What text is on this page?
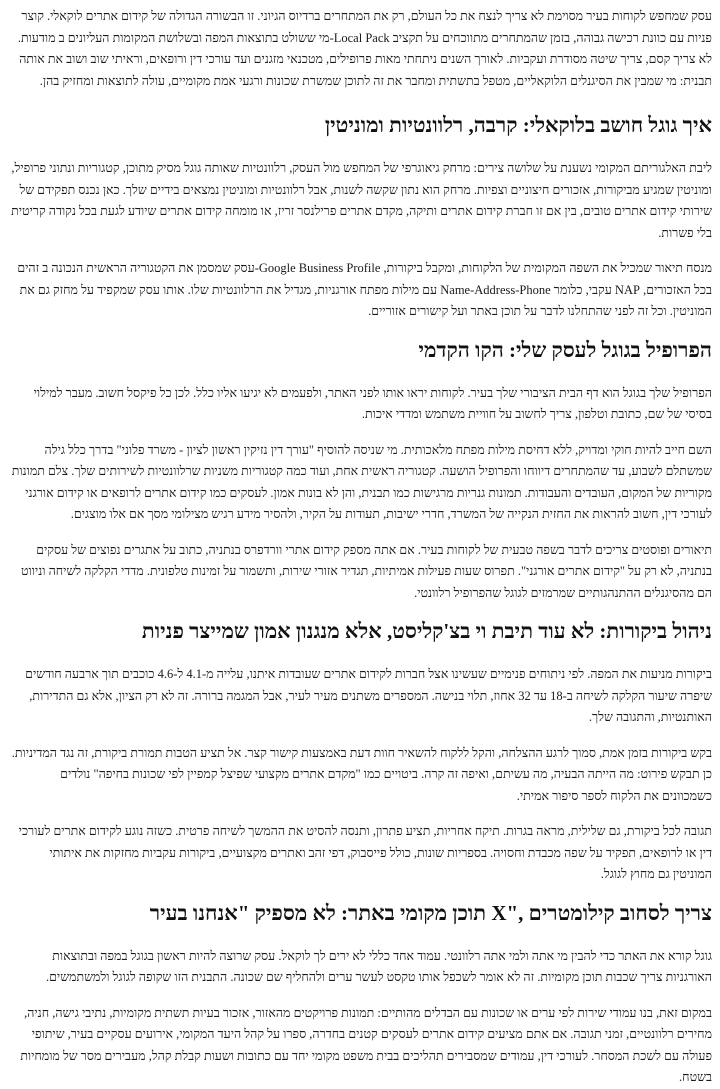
עסק שמחפש לקוחות בעיר מסוימת לא צריך לנצח את כל העולם, רק את המתחרים ברדיוס הגיוני. זו הבשורה הגדולה של קידום אתרים לוקאלי. קוצר פניות עם כוונת רכישה גבוהה, בזמן שהמתחרים מתווכחים על תקציב Local Pack-מי ששולט בתוצאות המפה ובשלושת המקומות העליונים ב מודעות. לא צריך קסם, צריך שיטה מסודרת ועקביות. לאורך השנים ניתחתי מאות פרופילים, מטכנאי מזגנים ועד עורכי דין ורופאים, וראיתי שוב ושוב את אותה תבנית: מי שמבין את הסיגנלים הלוקאליים, מטפל בתשתית ומחבר את זה לתוכן שמשרת שכונות ורגעי אמת מקומיים, עולה לתוצאות ומחזיק בהן.

איך גוגל חושב בלוקאלי: קרבה, רלוונטיות ומוניטין

ליבת האלגוריתם המקומי נשענת על שלושה צירים: מרחק גיאוגרפי של המחפש מול העסק, רלוונטיות שאותה גוגל מסיק מתוכן, קטגוריות ונתוני פרופיל, ומוניטין שמגיע מביקורות, אזכורים חיצוניים וצפיות. מרחק הוא נתון שקשה לשנות, אבל רלוונטיות ומוניטין נמצאים בידיים שלך. כאן נכנס תפקידם של שירותי קידום אתרים טובים, בין אם זו חברת קידום אתרים ותיקה, מקדם אתרים פרילנסר זריז, או מומחה קידום אתרים שיודע לגעת בכל נקודה קריטית בלי פשרות.

מנסח תיאור שמכיל את השפה המקומית של הלקוחות, ומקבל ביקורות, Google Business Profile-עסק שמסמן את הקטגוריה הראשית הנכונה ב זהים בכל האזכורים, NAP עקבי, כלומר Name-Address-Phone עם מילות מפתח אורגניות, מגדיל את הרלוונטיות שלו. אותו עסק שמקפיד על מחזק גם את המוניטין. וכל זה לפני שהתחלנו לדבר על תוכן באתר ועל קישורים אזוריים.

הפרופיל בגוגל לעסק שלי: הקו הקדמי

הפרופיל שלך בגוגל הוא דף הבית הציבורי שלך בעיר. לקוחות יראו אותו לפני האתר, ולפעמים לא יגיעו אליו כלל. לכן כל פיקסל חשוב. מעבר למילוי בסיסי של שם, כתובת וטלפון, צריך לחשוב על חוויית משתמש ומדדי איכות.

השם חייב להיות חוקי ומדויק, ללא דחיסת מילות מפתח מלאכותית. מי שניסה להוסיף "עורך דין נזיקין ראשון לציון - משרד פלוני" בדרך כלל גילה שמשתלם לשבוע, עד שהמתחרים דיווחו והפרופיל הושעה. קטגוריה ראשית אחת, ועוד כמה קטגוריות משניות שרלוונטיות לשירותים שלך. צלם תמונות מקוריות של המקום, העובדים והעבודות. תמונות גנריות מרגישות כמו תבנית, והן לא בונות אמון. לעסקים כמו קידום אתרים לרופאים או קידום אורגני לעורכי דין, חשוב להראות את החזית הנקייה של המשרד, חדרי ישיבות, תעודות על הקיר, ולהסיר מידע רגיש מצילומי מסך אם אלו מוצגים.

תיאורים ופוסטים צריכים לדבר בשפה טבעית של לקוחות בעיר. אם אתה מספק קידום אתרי וורדפרס בנתניה, כתוב על אתגרים נפוצים של עסקים בנתניה, לא רק על "קידום אתרים אורגני". תפרוס שעות פעילות אמיתיות, תגדיר אזורי שירות, ותשמור על זמינות טלפונית. מדדי הקלקה לשיחה וניווט הם מהסיגנלים ההתנהגותיים שמרמזים לגוגל שהפרופיל רלוונטי.

ניהול ביקורות: לא עוד תיבת וי בצ'קליסט, אלא מנגנון אמון שמייצר פניות

ביקורות מניעות את המפה. לפי ניתוחים פנימיים שעשינו אצל חברות לקידום אתרים שעובדות איתנו, עלייה מ-4.1 ל-4.6 כוכבים תוך ארבעה חודשים שיפרה שיעור הקלקה לשיחה ב-18 עד 32 אחוז, תלוי בנישה. המספרים משתנים מעיר לעיר, אבל המגמה ברורה. זה לא רק הציון, אלא גם התדירות, האותנטיות, והתגובה שלך.

בקש ביקורות בזמן אמת, סמוך לרגע ההצלחה, והקל ללקוח להשאיר חוות דעת באמצעות קישור קצר. אל תציע הטבות תמורת ביקורת, זה נגד המדיניות. כן תבקש פירוט: מה הייתה הבעיה, מה עשיתם, ואיפה זה קרה. ביטויים כמו "מקדם אתרים מקצועי שפיצל קמפיין לפי שכונות בחיפה" נולדים כשמכוונים את הלקוח לספר סיפור אמיתי.

תגובה לכל ביקורת, גם שלילית, מראה בגרות. תיקח אחריות, תציע פתרון, ותנסה להסיט את ההמשך לשיחה פרטית. כשזה נוגע לקידום אתרים לעורכי דין או לרופאים, תפקיד על שפה מכבדת וחסויה. בספריות שונות, כולל פייסבוק, דפי זהב ואתרים מקצועיים, ביקורות עקביות מחזקות את איתותי המוניטין גם מחוץ לגוגל.

צריך לסחוב קילומטרים ,"X תוכן מקומי באתר: לא מספיק "אנחנו בעיר

גוגל קורא את האתר כדי להבין מי אתה ולמי אתה רלוונטי. עמוד אחד כללי לא ירים לך לוקאל. עסק שרוצה להיות ראשון בגוגל במפה ובתוצאות האורגניות צריך שכבות תוכן מקומיות. זה לא אומר לשכפל אותו טקסט לעשר ערים ולהחליף שם שכונה. התבנית הזו שקופה לגוגל ולמשתמשים.

במקום זאת, בנו עמודי שירות לפי ערים או שכונות עם הבדלים מהותיים: תמונות פרויקטים מהאזור, אזכור בעיות תשתית מקומיות, נתיבי גישה, חניה, מחירים רלוונטיים, זמני תגובה. אם אתם מציעים קידום אתרים לעסקים קטנים בחדרה, ספרו על קהל היעד המקומי, אירועים עסקיים בעיר, שיתופי פעולה עם לשכת המסחר. לעורכי דין, עמודים שמסבירים תהליכים בבית משפט מקומי יחד עם כתובות ושעות קבלת קהל, מעבירים מסר של מומחיות בשטח.
